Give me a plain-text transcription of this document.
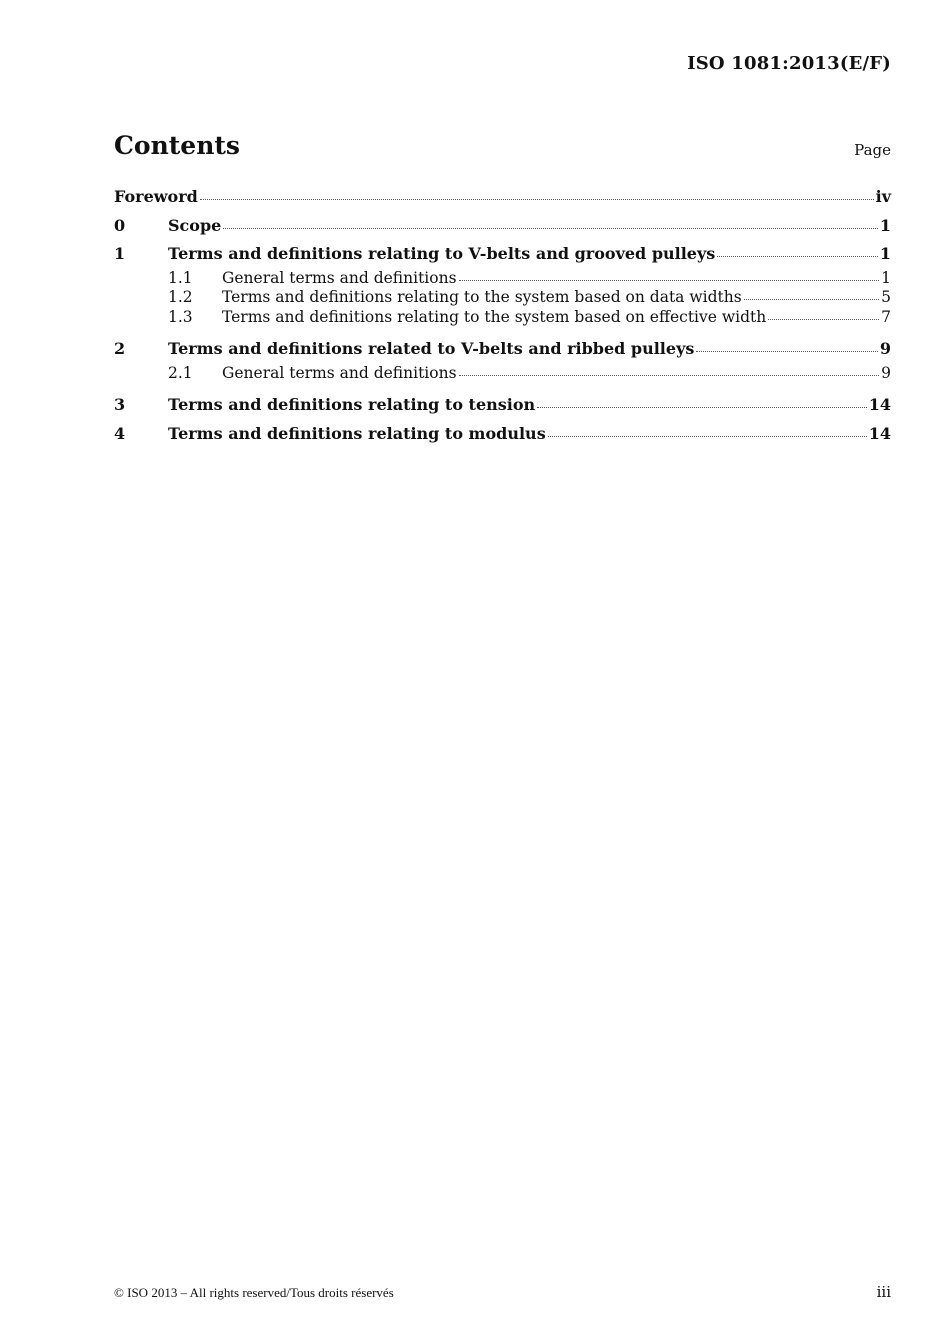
ISO 1081:2013(E/F)
Contents	Page
Foreword	iv
0	Scope	1
1	Terms and definitions relating to V-belts and grooved pulleys	1
1.1	General terms and definitions	1
1.2	Terms and definitions relating to the system based on data widths	5
1.3	Terms and definitions relating to the system based on effective width	7
2	Terms and definitions related to V-belts and ribbed pulleys	9
2.1	General terms and definitions	9
3	Terms and definitions relating to tension	14
4	Terms and definitions relating to modulus	14
© ISO 2013 – All rights reserved/Tous droits réservés	iii
